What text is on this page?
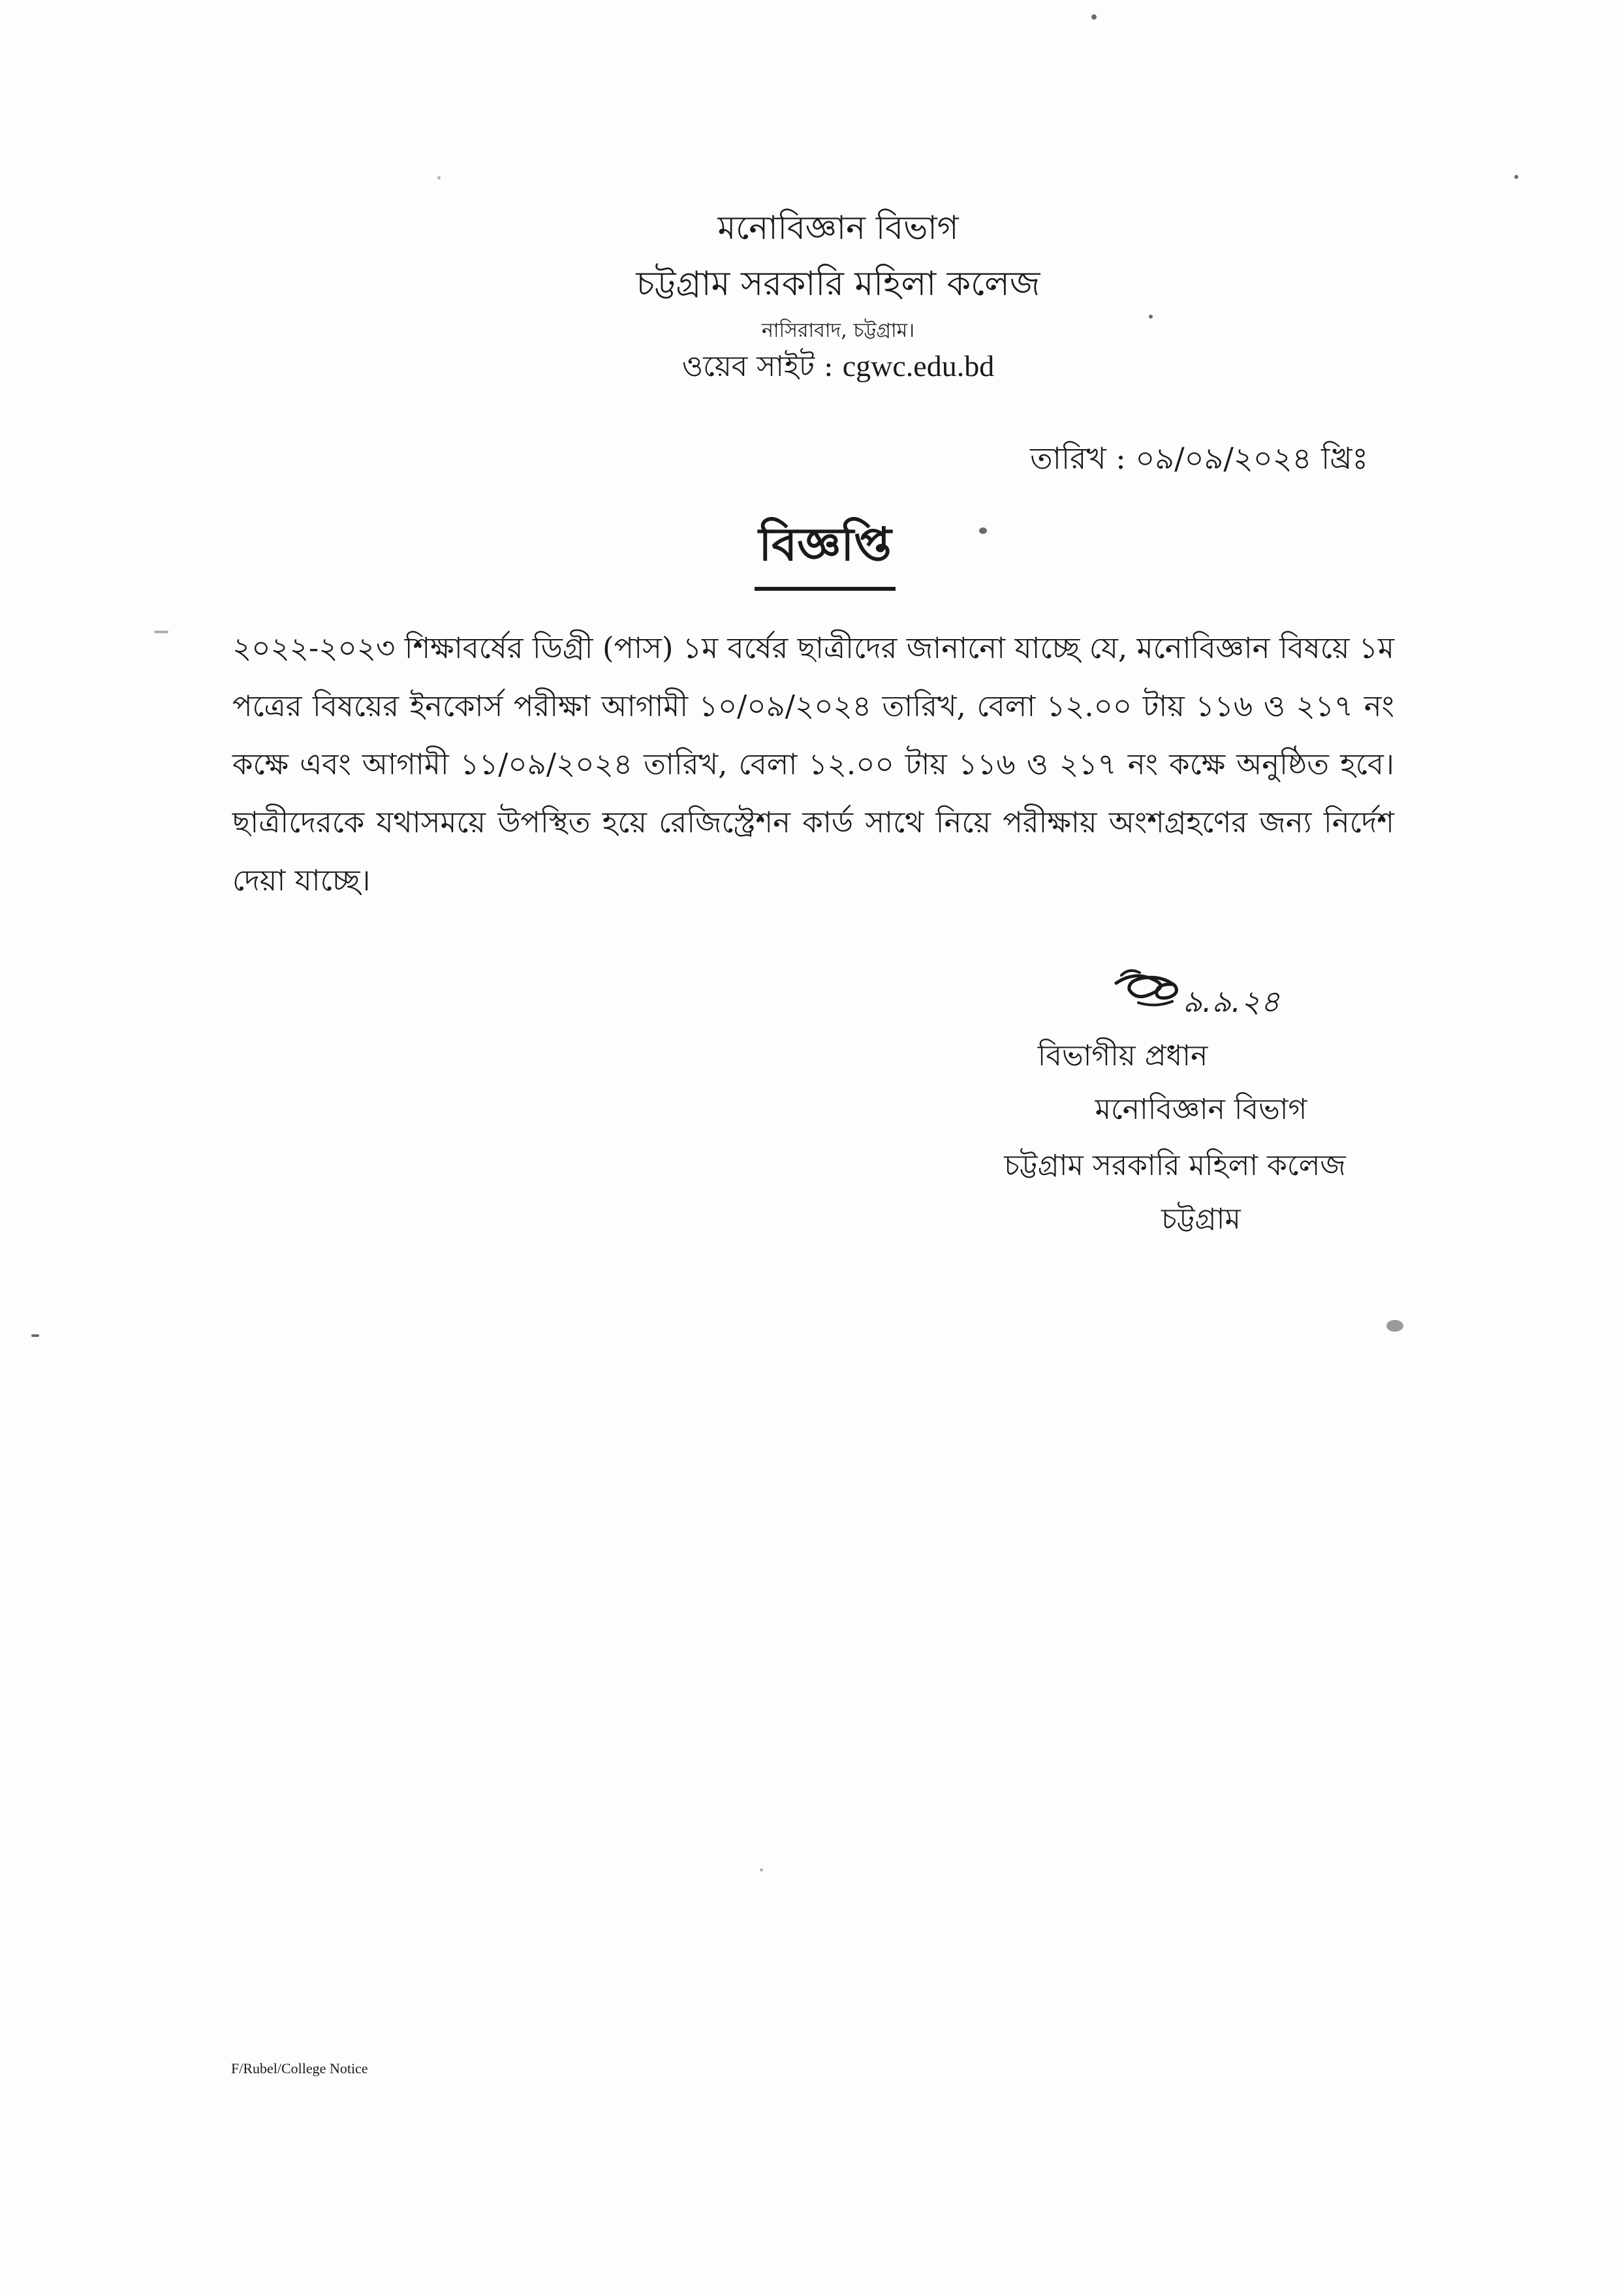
মনোবিজ্ঞান বিভাগ
চট্টগ্রাম সরকারি মহিলা কলেজ
নাসিরাবাদ, চট্টগ্রাম।
ওয়েব সাইট : cgwc.edu.bd
তারিখ : ০৯/০৯/২০২৪ খ্রিঃ
বিজ্ঞপ্তি
২০২২-২০২৩ শিক্ষাবর্ষের ডিগ্রী (পাস) ১ম বর্ষের ছাত্রীদের জানানো যাচ্ছে যে, মনোবিজ্ঞান বিষয়ে ১ম পত্রের বিষয়ের ইনকোর্স পরীক্ষা আগামী ১০/০৯/২০২৪ তারিখ, বেলা ১২.০০ টায় ১১৬ ও ২১৭ নং কক্ষে এবং আগামী ১১/০৯/২০২৪ তারিখ, বেলা ১২.০০ টায় ১১৬ ও ২১৭ নং কক্ষে অনুষ্ঠিত হবে। ছাত্রীদেরকে যথাসময়ে উপস্থিত হয়ে রেজিস্ট্রেশন কার্ড সাথে নিয়ে পরীক্ষায় অংশগ্রহণের জন্য নির্দেশ দেয়া যাচ্ছে।
৯.৯.২৪
বিভাগীয় প্রধান
মনোবিজ্ঞান বিভাগ
চট্টগ্রাম সরকারি মহিলা কলেজ
চট্টগ্রাম
F/Rubel/College Notice
